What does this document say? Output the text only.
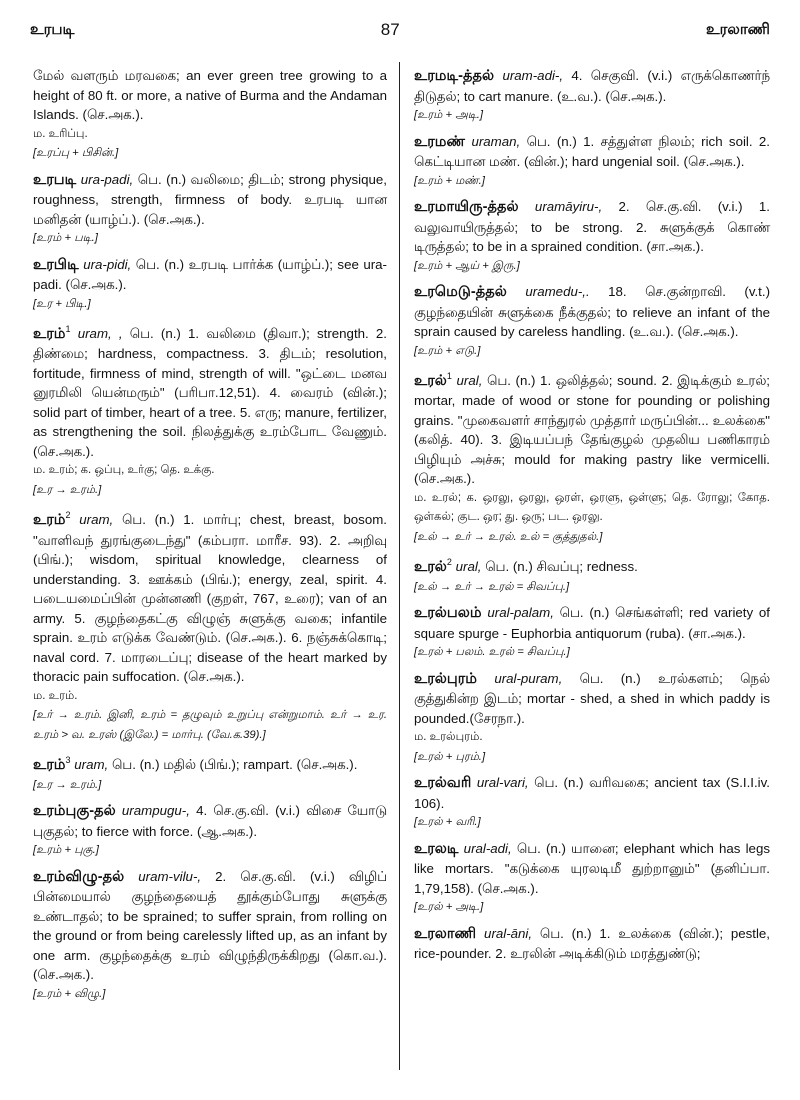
உரபடி	87	உரலாணி

மேல் வளரும் மரவகை; an ever green tree growing to a height of 80 ft. or more, a native of Burma and the Andaman Islands. (செ.அக.).

ம. உரிப்பு.

[உரப்பு + பிசின்.]

உரபடி ura-padi, பெ. (n.) வலிமை; திடம்; strong physique, roughness, strength, firmness of body. உரபடி யான மனிதன் (யாழ்ப்.). (செ.அக.).

[உரம் + படி.]

உரபிடி ura-pidi, பெ. (n.) உரபடி பார்க்க (யாழ்ப்.); see ura-padi. (செ.அக.).

[உர + பிடி.]

உரம்$^1$ uram, , பெ. (n.) 1. வலிமை (திவா.); strength. 2. திண்மை; hardness, compactness. 3. திடம்; resolution, fortitude, firmness of mind, strength of will. "ஒட்டை மனவ னுரமிலி யென்மரும்" (பரிபா.12,51). 4. வைரம் (வின்.); solid part of timber, heart of a tree. 5. எரு; manure, fertilizer, as strengthening the soil. நிலத்துக்கு உரம்போட வேணும். (செ.அக.).

ம. உரம்; க. ஒப்பு, உர்கு; தெ. உக்கு.

[உர → உரம்.]

உரம்$^2$ uram, பெ. (n.) 1. மார்பு; chest, breast, bosom. "வாளிவந் துரங்குடைந்து" (கம்பரா. மாரீச. 93). 2. அறிவு (பிங்.); wisdom, spiritual knowledge, clearness of understanding. 3. ஊக்கம் (பிங்.); energy, zeal, spirit. 4. படையமைப்பின் முன்னணி (குறள், 767, உரை); van of an army. 5. குழந்தைகட்கு விழுஞ் சுளுக்கு வகை; infantile sprain. உரம் எடுக்க வேண்டும். (செ.அக.). 6. நஞ்சுக்கொடி; naval cord. 7. மாரடைப்பு; disease of the heart marked by thoracic pain suffocation. (செ.அக.).

ம. உரம்.

[உர் → உரம். இனி, உரம் = தழுவும் உறுப்பு என்றுமாம். உர் → உர. உரம் > வ. உரஸ் (இலே.) = மார்பு. (வே.க.39).]

உரம்$^3$ uram, பெ. (n.) மதில் (பிங்.); rampart. (செ.அக.).

[உர → உரம்.]

உரம்புகு-தல் urampugu-, 4. செ.கு.வி. (v.i.) விசை யோடு புகுதல்; to fierce with force. (ஆ.அக.).

[உரம் + புகு.]

உரம்விழு-தல் uram-vilu-, 2. செ.கு.வி. (v.i.) விழிப் பின்மையால் குழந்தையைத் தூக்கும்போது சுளுக்கு உண்டாதல்; to be sprained; to suffer sprain, from rolling on the ground or from being carelessly lifted up, as an infant by one arm. குழந்தைக்கு உரம் விழுந்திருக்கிறது (கொ.வ.). (செ.அக.).

[உரம் + விழு.]

உரமடி-த்தல் uram-adi-, 4. செகுவி. (v.i.) எருக்கொணர்ந் திடுதல்; to cart manure. (உ.வ.). (செ.அக.).

[உரம் + அடி.]

உரமண் uraman, பெ. (n.) 1. சத்துள்ள நிலம்; rich soil. 2. கெட்டியான மண். (வின்.); hard ungenial soil. (செ.அக.).

[உரம் + மண்.]

உரமாயிரு-த்தல் uramāyiru-, 2. செ.கு.வி. (v.i.) 1. வலுவாயிருத்தல்; to be strong. 2. சுளுக்குக் கொண் டிருத்தல்; to be in a sprained condition. (சா.அக.).

[உரம் + ஆய் + இரு.]

உரமெடு-த்தல் uramedu-,. 18. செ.குன்றாவி. (v.t.) குழந்தையின் சுளுக்கை நீக்குதல்; to relieve an infant of the sprain caused by careless handling. (உ.வ.). (செ.அக.).

[உரம் + எடு.]

உரல்$^1$ ural, பெ. (n.) 1. ஒலித்தல்; sound. 2. இடிக்கும் உரல்; mortar, made of wood or stone for pounding or polishing grains. "முகைவளர் சாந்துரல் முத்தார் மருப்பின்... உலக்கை" (கலித். 40). 3. இடியப்பந் தேங்குழல் முதலிய பணிகாரம் பிழியும் அச்சு; mould for making pastry like vermicelli. (செ.அக.).

ம. உரல்; க. ஒரலு, ஒரலு, ஒரள், ஒரளு, ஒள்ளு; தெ. ரோலு; கோத. ஒள்கல்; குட. ஒர; து. ஒரு; பட. ஒரலு.

[உல் → உர் → உரல். உல் = குத்துதல்.]

உரல்$^2$ ural, பெ. (n.) சிவப்பு; redness.

[உல் → உர் → உரல் = சிவப்பு.]

உரல்பலம் ural-palam, பெ. (n.) செங்கள்ளி; red variety of square spurge - Euphorbia antiquorum (ruba). (சா.அக.).

[உரல் + பலம். உரல் = சிவப்பு.]

உரல்புரம் ural-puram, பெ. (n.) உரல்களம்; நெல் குத்துகின்ற இடம்; mortar - shed, a shed in which paddy is pounded.(சேரநா.).

ம. உரல்புரம்.

[உரல் + புரம்.]

உரல்வரி ural-vari, பெ. (n.) வரிவகை; ancient tax (S.I.I.iv. 106).

[உரல் + வரி.]

உரலடி ural-adi, பெ. (n.) யானை; elephant which has legs like mortars. "கடுக்கை யுரலடிமீ துற்றானும்" (தனிப்பா. 1,79,158). (செ.அக.).

[உரல் + அடி.]

உரலாணி ural-āni, பெ. (n.) 1. உலக்கை (வின்.); pestle, rice-pounder. 2. உரலின் அடிக்கிடும் மரத்துண்டு;
